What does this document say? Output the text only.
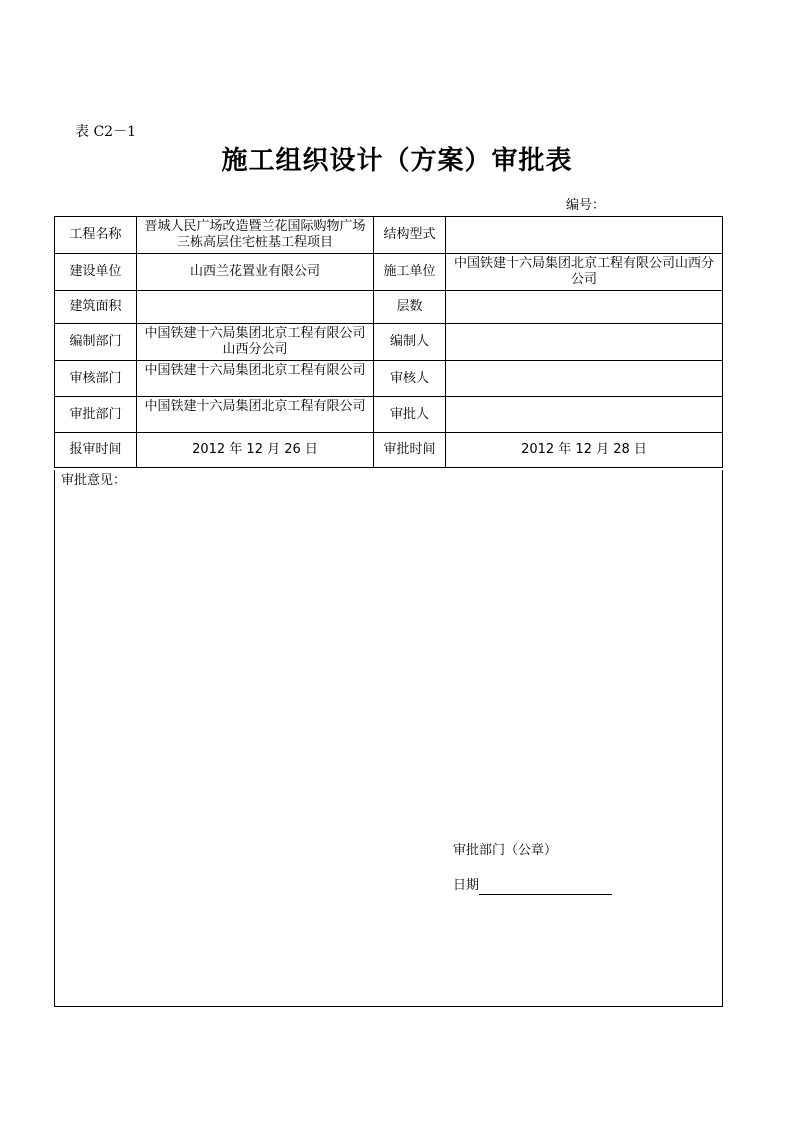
表 C2－1
施工组织设计（方案）审批表
编号：
工程名称	晋城人民广场改造暨兰花国际购物广场三栋高层住宅桩基工程项目	结构型式	
建设单位	山西兰花置业有限公司	施工单位	中国铁建十六局集团北京工程有限公司山西分公司

建筑面积		层数	
编制部门	中国铁建十六局集团北京工程有限公司山西分公司	编制人	
审核部门	中国铁建十六局集团北京工程有限公司	审核人	
审批部门	中国铁建十六局集团北京工程有限公司	审批人	
报审时间	2012 年 12 月 26 日	审批时间	2012 年 12 月 28 日
审批意见：
审批部门（公章）
日期
